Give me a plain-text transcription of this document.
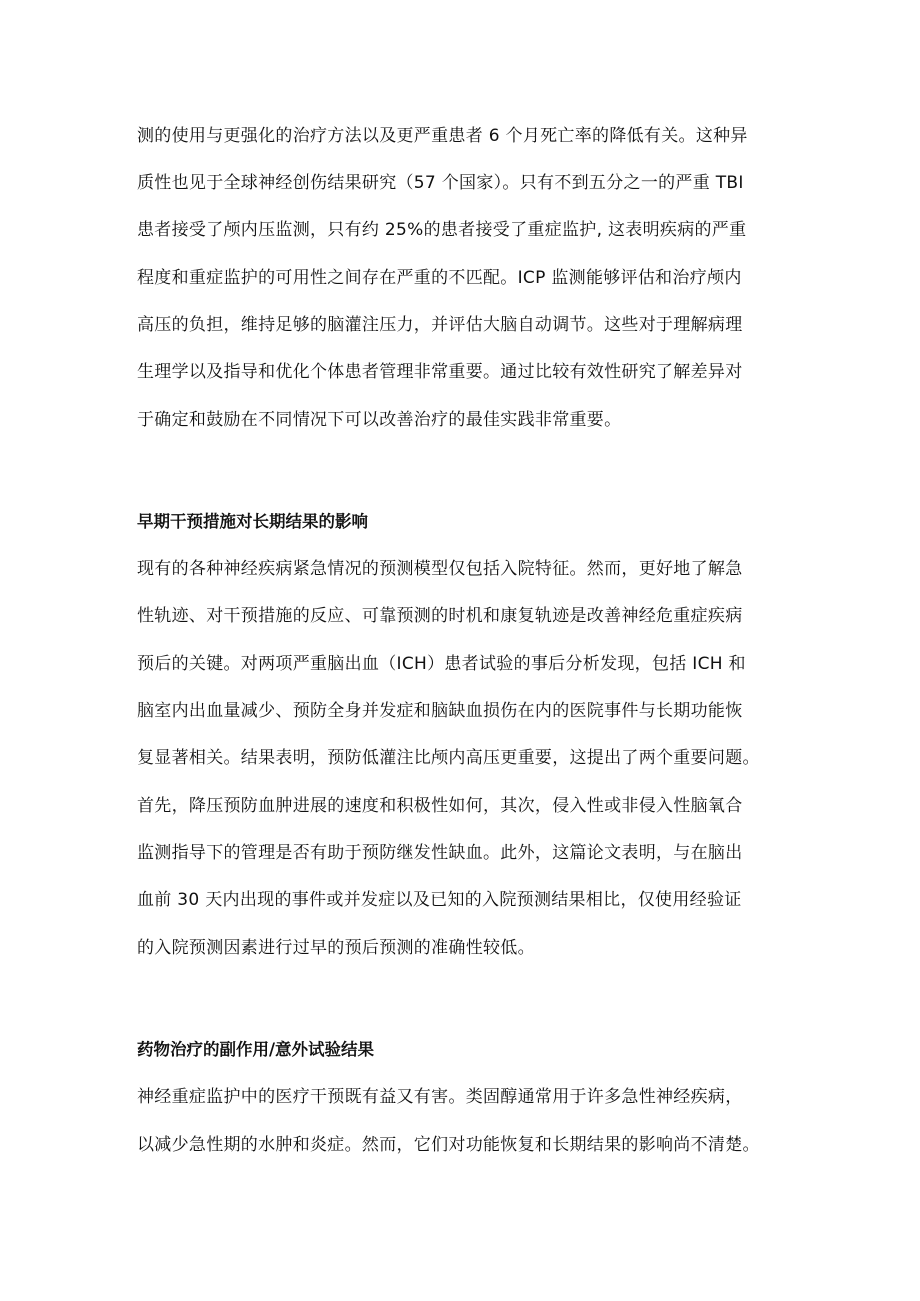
测的使用与更强化的治疗方法以及更严重患者 6 个月死亡率的降低有关。这种异
质性也见于全球神经创伤结果研究（57 个国家）。只有不到五分之一的严重 TBI
患者接受了颅内压监测，只有约 25%的患者接受了重症监护, 这表明疾病的严重
程度和重症监护的可用性之间存在严重的不匹配。ICP 监测能够评估和治疗颅内
高压的负担，维持足够的脑灌注压力，并评估大脑自动调节。这些对于理解病理
生理学以及指导和优化个体患者管理非常重要。通过比较有效性研究了解差异对
于确定和鼓励在不同情况下可以改善治疗的最佳实践非常重要。
早期干预措施对长期结果的影响
现有的各种神经疾病紧急情况的预测模型仅包括入院特征。然而，更好地了解急
性轨迹、对干预措施的反应、可靠预测的时机和康复轨迹是改善神经危重症疾病
预后的关键。对两项严重脑出血（ICH）患者试验的事后分析发现，包括 ICH 和
脑室内出血量减少、预防全身并发症和脑缺血损伤在内的医院事件与长期功能恢
复显著相关。结果表明，预防低灌注比颅内高压更重要，这提出了两个重要问题。
首先，降压预防血肿进展的速度和积极性如何，其次，侵入性或非侵入性脑氧合
监测指导下的管理是否有助于预防继发性缺血。此外，这篇论文表明，与在脑出
血前 30 天内出现的事件或并发症以及已知的入院预测结果相比，仅使用经验证
的入院预测因素进行过早的预后预测的准确性较低。
药物治疗的副作用/意外试验结果
神经重症监护中的医疗干预既有益又有害。类固醇通常用于许多急性神经疾病，
以减少急性期的水肿和炎症。然而，它们对功能恢复和长期结果的影响尚不清楚。
